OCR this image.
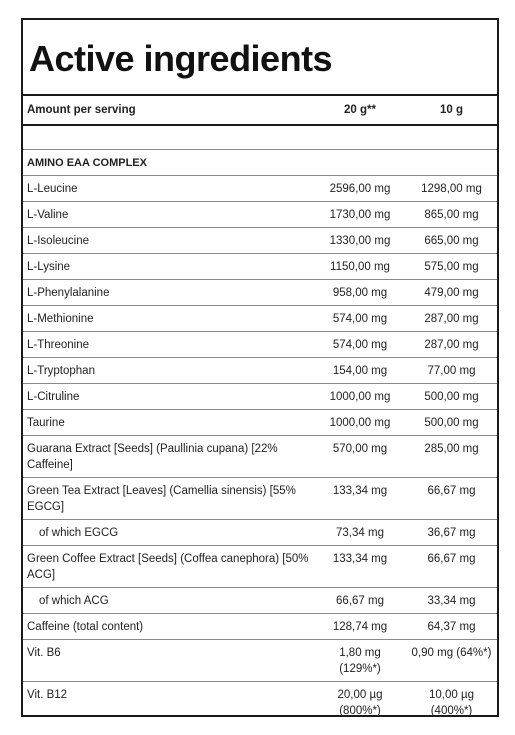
Active ingredients
Amount per serving	20 g**	10 g

AMINO EAA COMPLEX		
L-Leucine	2596,00 mg	1298,00 mg
L-Valine	1730,00 mg	865,00 mg
L-Isoleucine	1330,00 mg	665,00 mg
L-Lysine	1150,00 mg	575,00 mg
L-Phenylalanine	958,00 mg	479,00 mg
L-Methionine	574,00 mg	287,00 mg
L-Threonine	574,00 mg	287,00 mg
L-Tryptophan	154,00 mg	77,00 mg
L-Citruline	1000,00 mg	500,00 mg
Taurine	1000,00 mg	500,00 mg
Guarana Extract [Seeds] (Paullinia cupana) [22% Caffeine]	570,00 mg	285,00 mg
Green Tea Extract [Leaves] (Camellia sinensis) [55% EGCG]	133,34 mg	66,67 mg
of which EGCG	73,34 mg	36,67 mg
Green Coffee Extract [Seeds] (Coffea canephora) [50% ACG]	133,34 mg	66,67 mg
of which ACG	66,67 mg	33,34 mg
Caffeine (total content)	128,74 mg	64,37 mg
Vit. B6	1,80 mg (129%*)	0,90 mg (64%*)
Vit. B12	20,00 µg (800%*)	10,00 µg (400%*)
